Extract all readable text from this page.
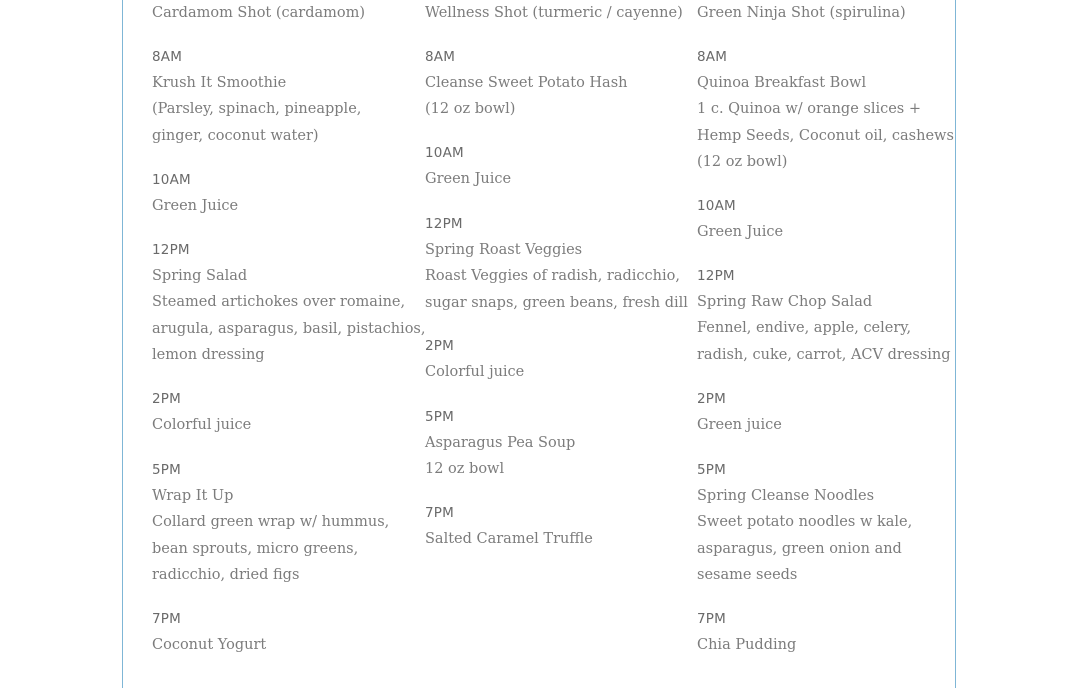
Cardamom Shot (cardamom)
8AM
Krush It Smoothie
(Parsley, spinach, pineapple,
ginger, coconut water)
10AM
Green Juice
12PM
Spring Salad
Steamed artichokes over romaine,
arugula, asparagus, basil, pistachios,
lemon dressing
2PM
Colorful juice
5PM
Wrap It Up
Collard green wrap w/ hummus,
bean sprouts, micro greens,
radicchio, dried figs
7PM
Coconut Yogurt
Wellness Shot (turmeric / cayenne)
8AM
Cleanse Sweet Potato Hash
(12 oz bowl)
10AM
Green Juice
12PM
Spring Roast Veggies
Roast Veggies of radish, radicchio,
sugar snaps, green beans, fresh dill
2PM
Colorful juice
5PM
Asparagus Pea Soup
12 oz bowl
7PM
Salted Caramel Truffle
Green Ninja Shot (spirulina)
8AM
Quinoa Breakfast Bowl
1 c. Quinoa w/ orange slices +
Hemp Seeds, Coconut oil, cashews
(12 oz bowl)
10AM
Green Juice
12PM
Spring Raw Chop Salad
Fennel, endive, apple, celery,
radish, cuke, carrot, ACV dressing
2PM
Green juice
5PM
Spring Cleanse Noodles
Sweet potato noodles w kale,
asparagus, green onion and
sesame seeds
7PM
Chia Pudding
